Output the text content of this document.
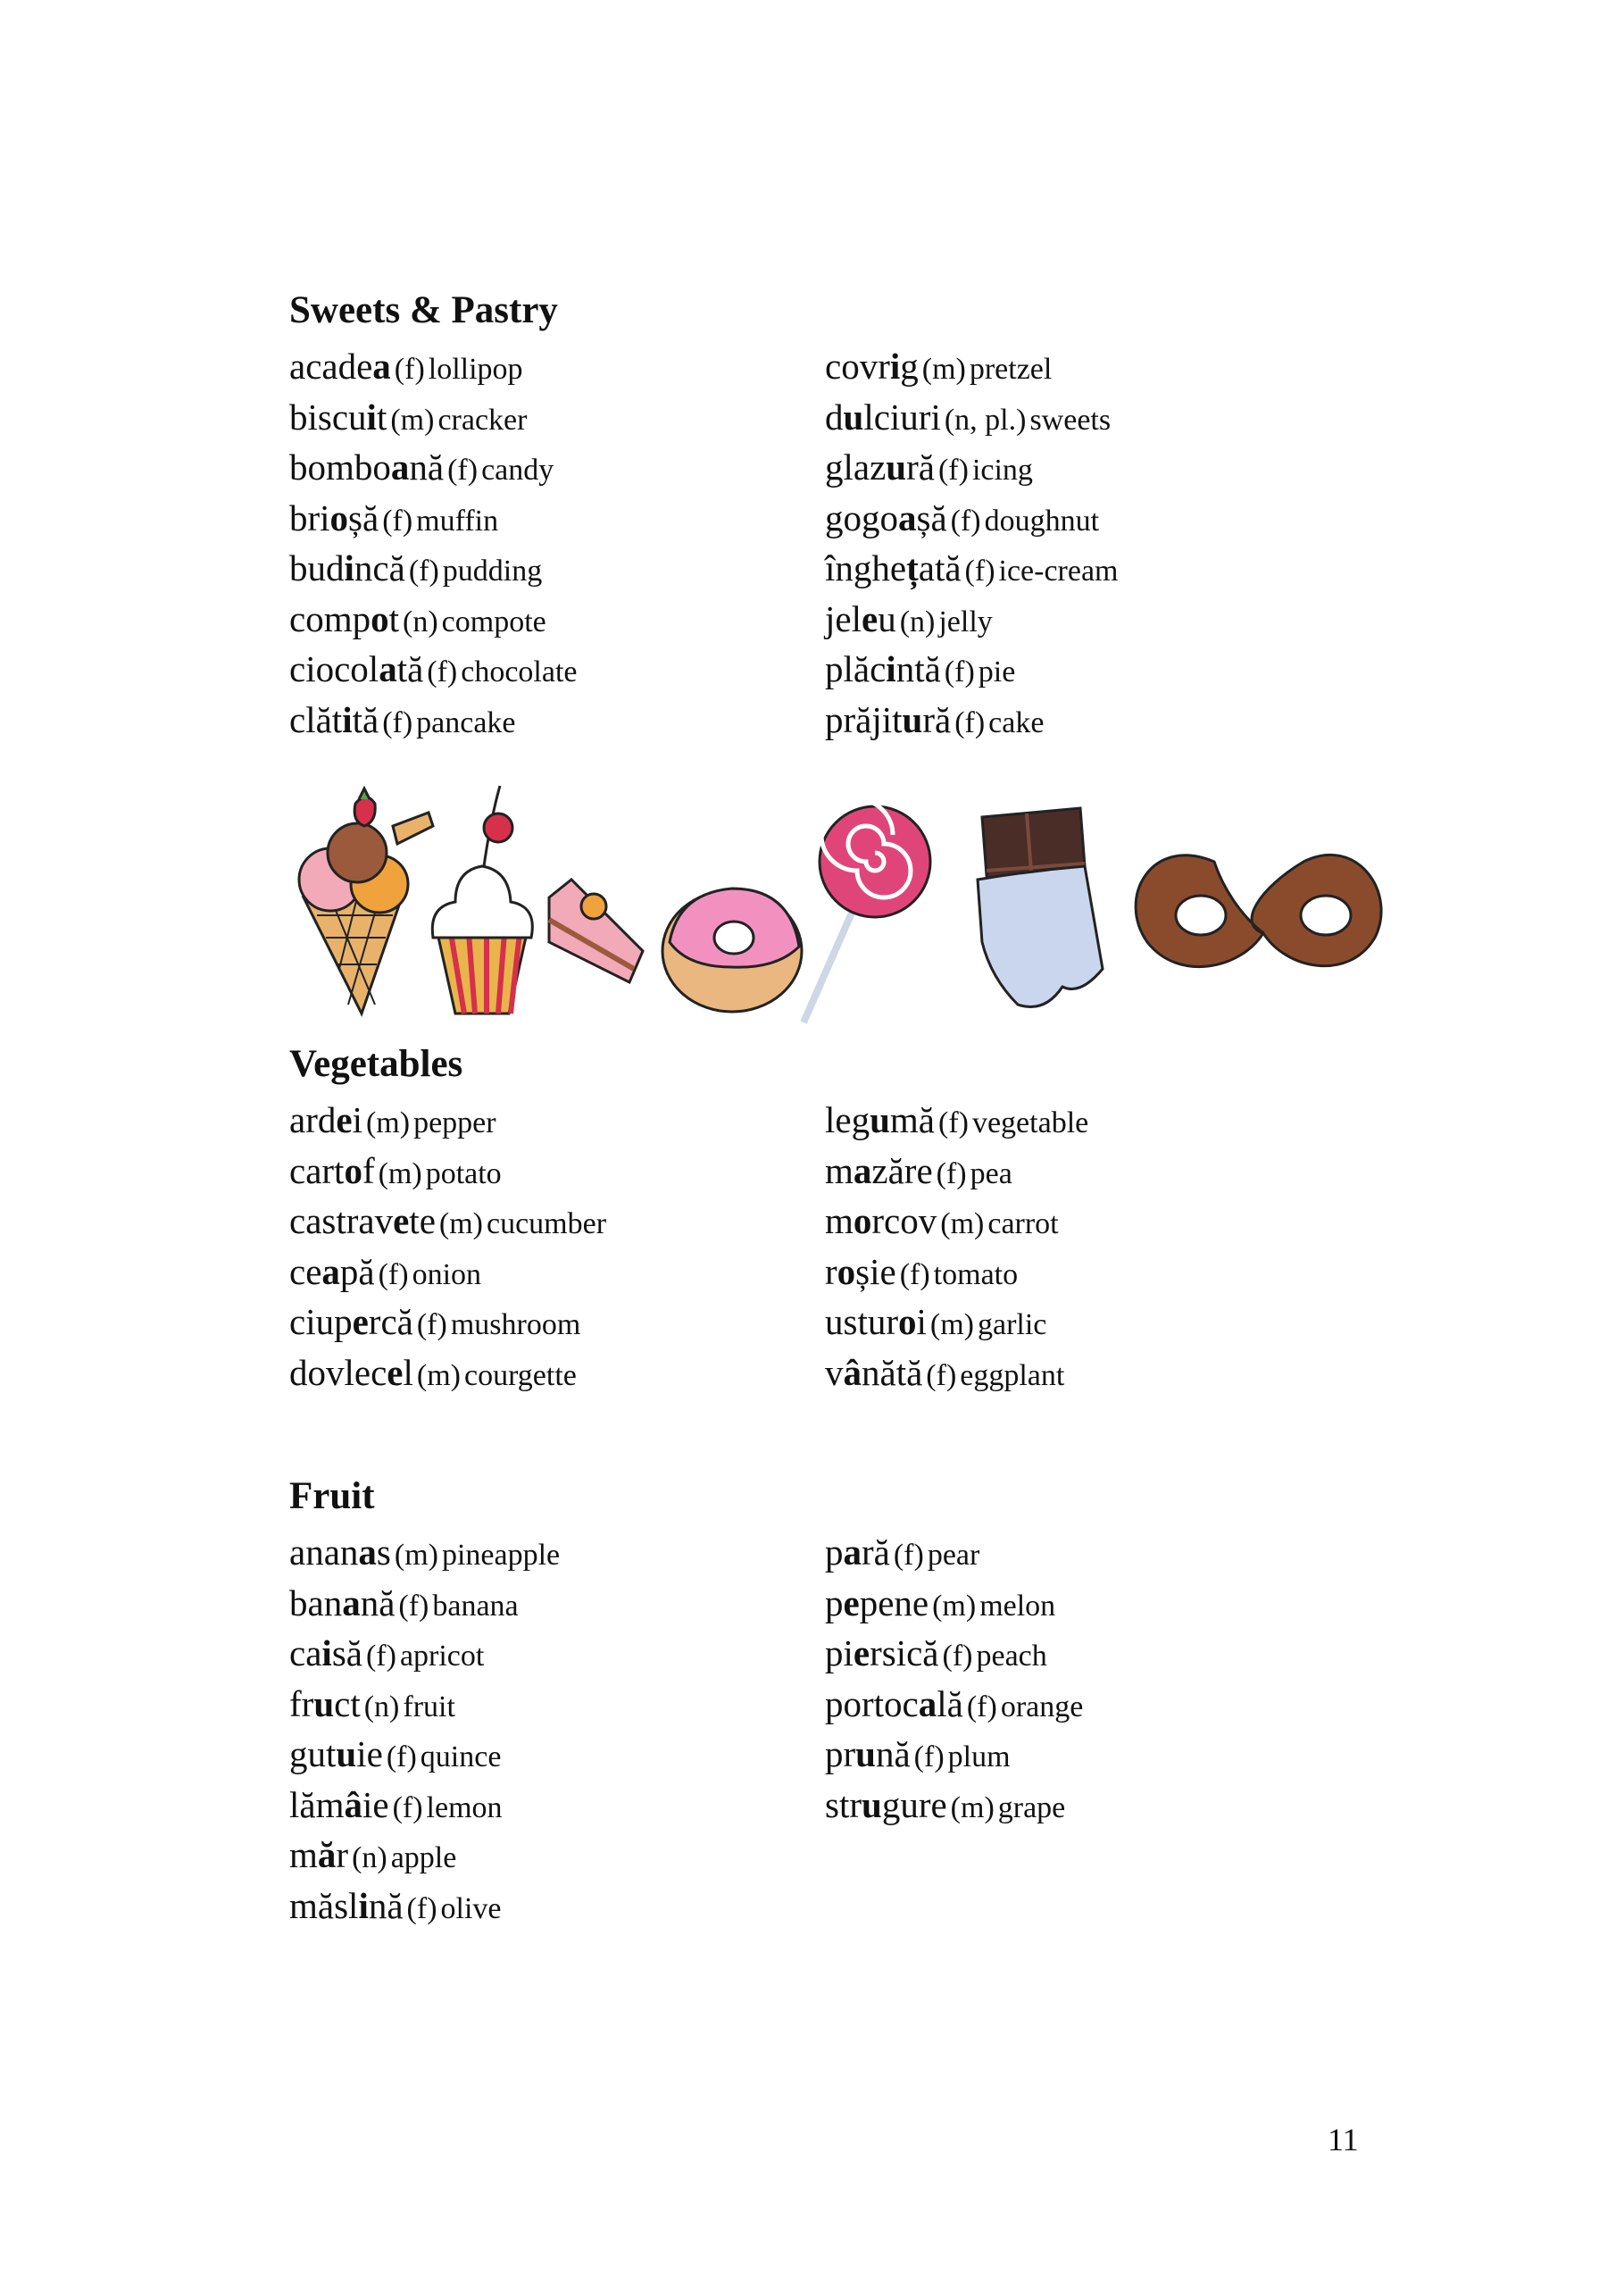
Sweets & Pastry
acadea (f) lollipop
biscuit (m) cracker
bomboană (f) candy
brioșă (f) muffin
budincă (f) pudding
compot (n) compote
ciocolată (f) chocolate
clătită (f) pancake
covrig (m) pretzel
dulciuri (n, pl.) sweets
glazură (f) icing
gogoașă (f) doughnut
înghețată (f) ice-cream
jeleu (n) jelly
plăcintă (f) pie
prăjitură (f) cake
Vegetables
ardei (m) pepper
cartof (m) potato
castravete (m) cucumber
ceapă (f) onion
ciupercă (f) mushroom
dovlecel (m) courgette
legumă (f) vegetable
mazăre (f) pea
morcov (m) carrot
roșie (f) tomato
usturoi (m) garlic
vânătă (f) eggplant
Fruit
ananas (m) pineapple
banană (f) banana
caisă (f) apricot
fruct (n) fruit
gutuie (f) quince
lămâie (f) lemon
măr (n) apple
măslină (f) olive
pară (f) pear
pepene (m) melon
piersică (f) peach
portocală (f) orange
prună (f) plum
strugure (m) grape
11
